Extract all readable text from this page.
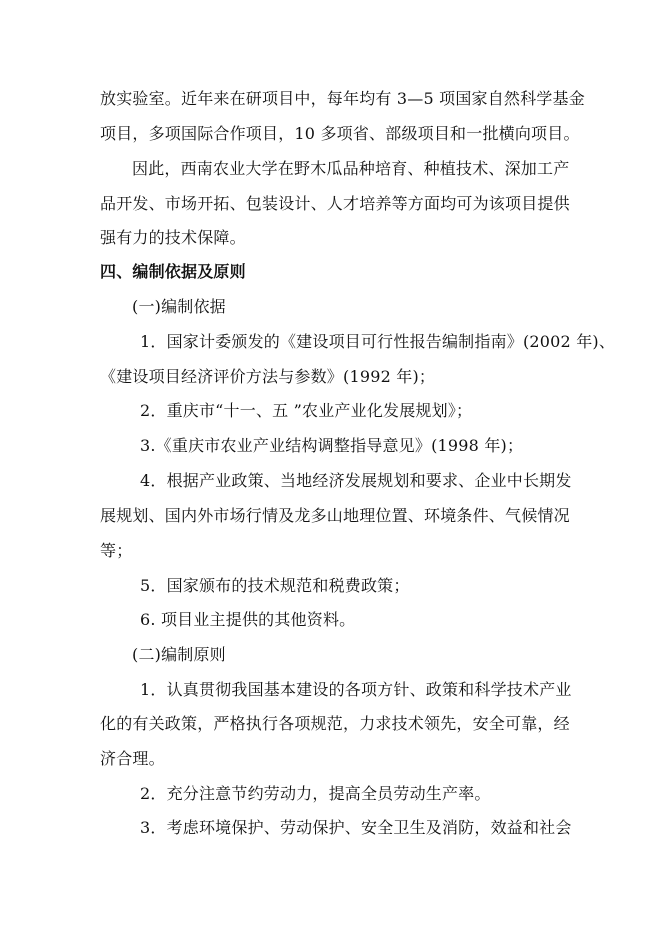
放实验室。近年来在研项目中，每年均有 3—5 项国家自然科学基金
项目，多项国际合作项目，10 多项省、部级项目和一批横向项目。
因此，西南农业大学在野木瓜品种培育、种植技术、深加工产
品开发、市场开拓、包装设计、人才培养等方面均可为该项目提供
强有力的技术保障。
四、编制依据及原则
(一)编制依据
1．国家计委颁发的《建设项目可行性报告编制指南》(2002 年)、
《建设项目经济评价方法与参数》(1992 年)；
2．重庆市“十一、五 ”农业产业化发展规划》；
3.《重庆市农业产业结构调整指导意见》(1998 年)；
4．根据产业政策、当地经济发展规划和要求、企业中长期发
展规划、国内外市场行情及龙多山地理位置、环境条件、气候情况
等；
5．国家颁布的技术规范和税费政策；
6. 项目业主提供的其他资料。
(二)编制原则
1．认真贯彻我国基本建设的各项方针、政策和科学技术产业
化的有关政策，严格执行各项规范，力求技术领先，安全可靠，经
济合理。
2．充分注意节约劳动力，提高全员劳动生产率。
3．考虑环境保护、劳动保护、安全卫生及消防，效益和社会
